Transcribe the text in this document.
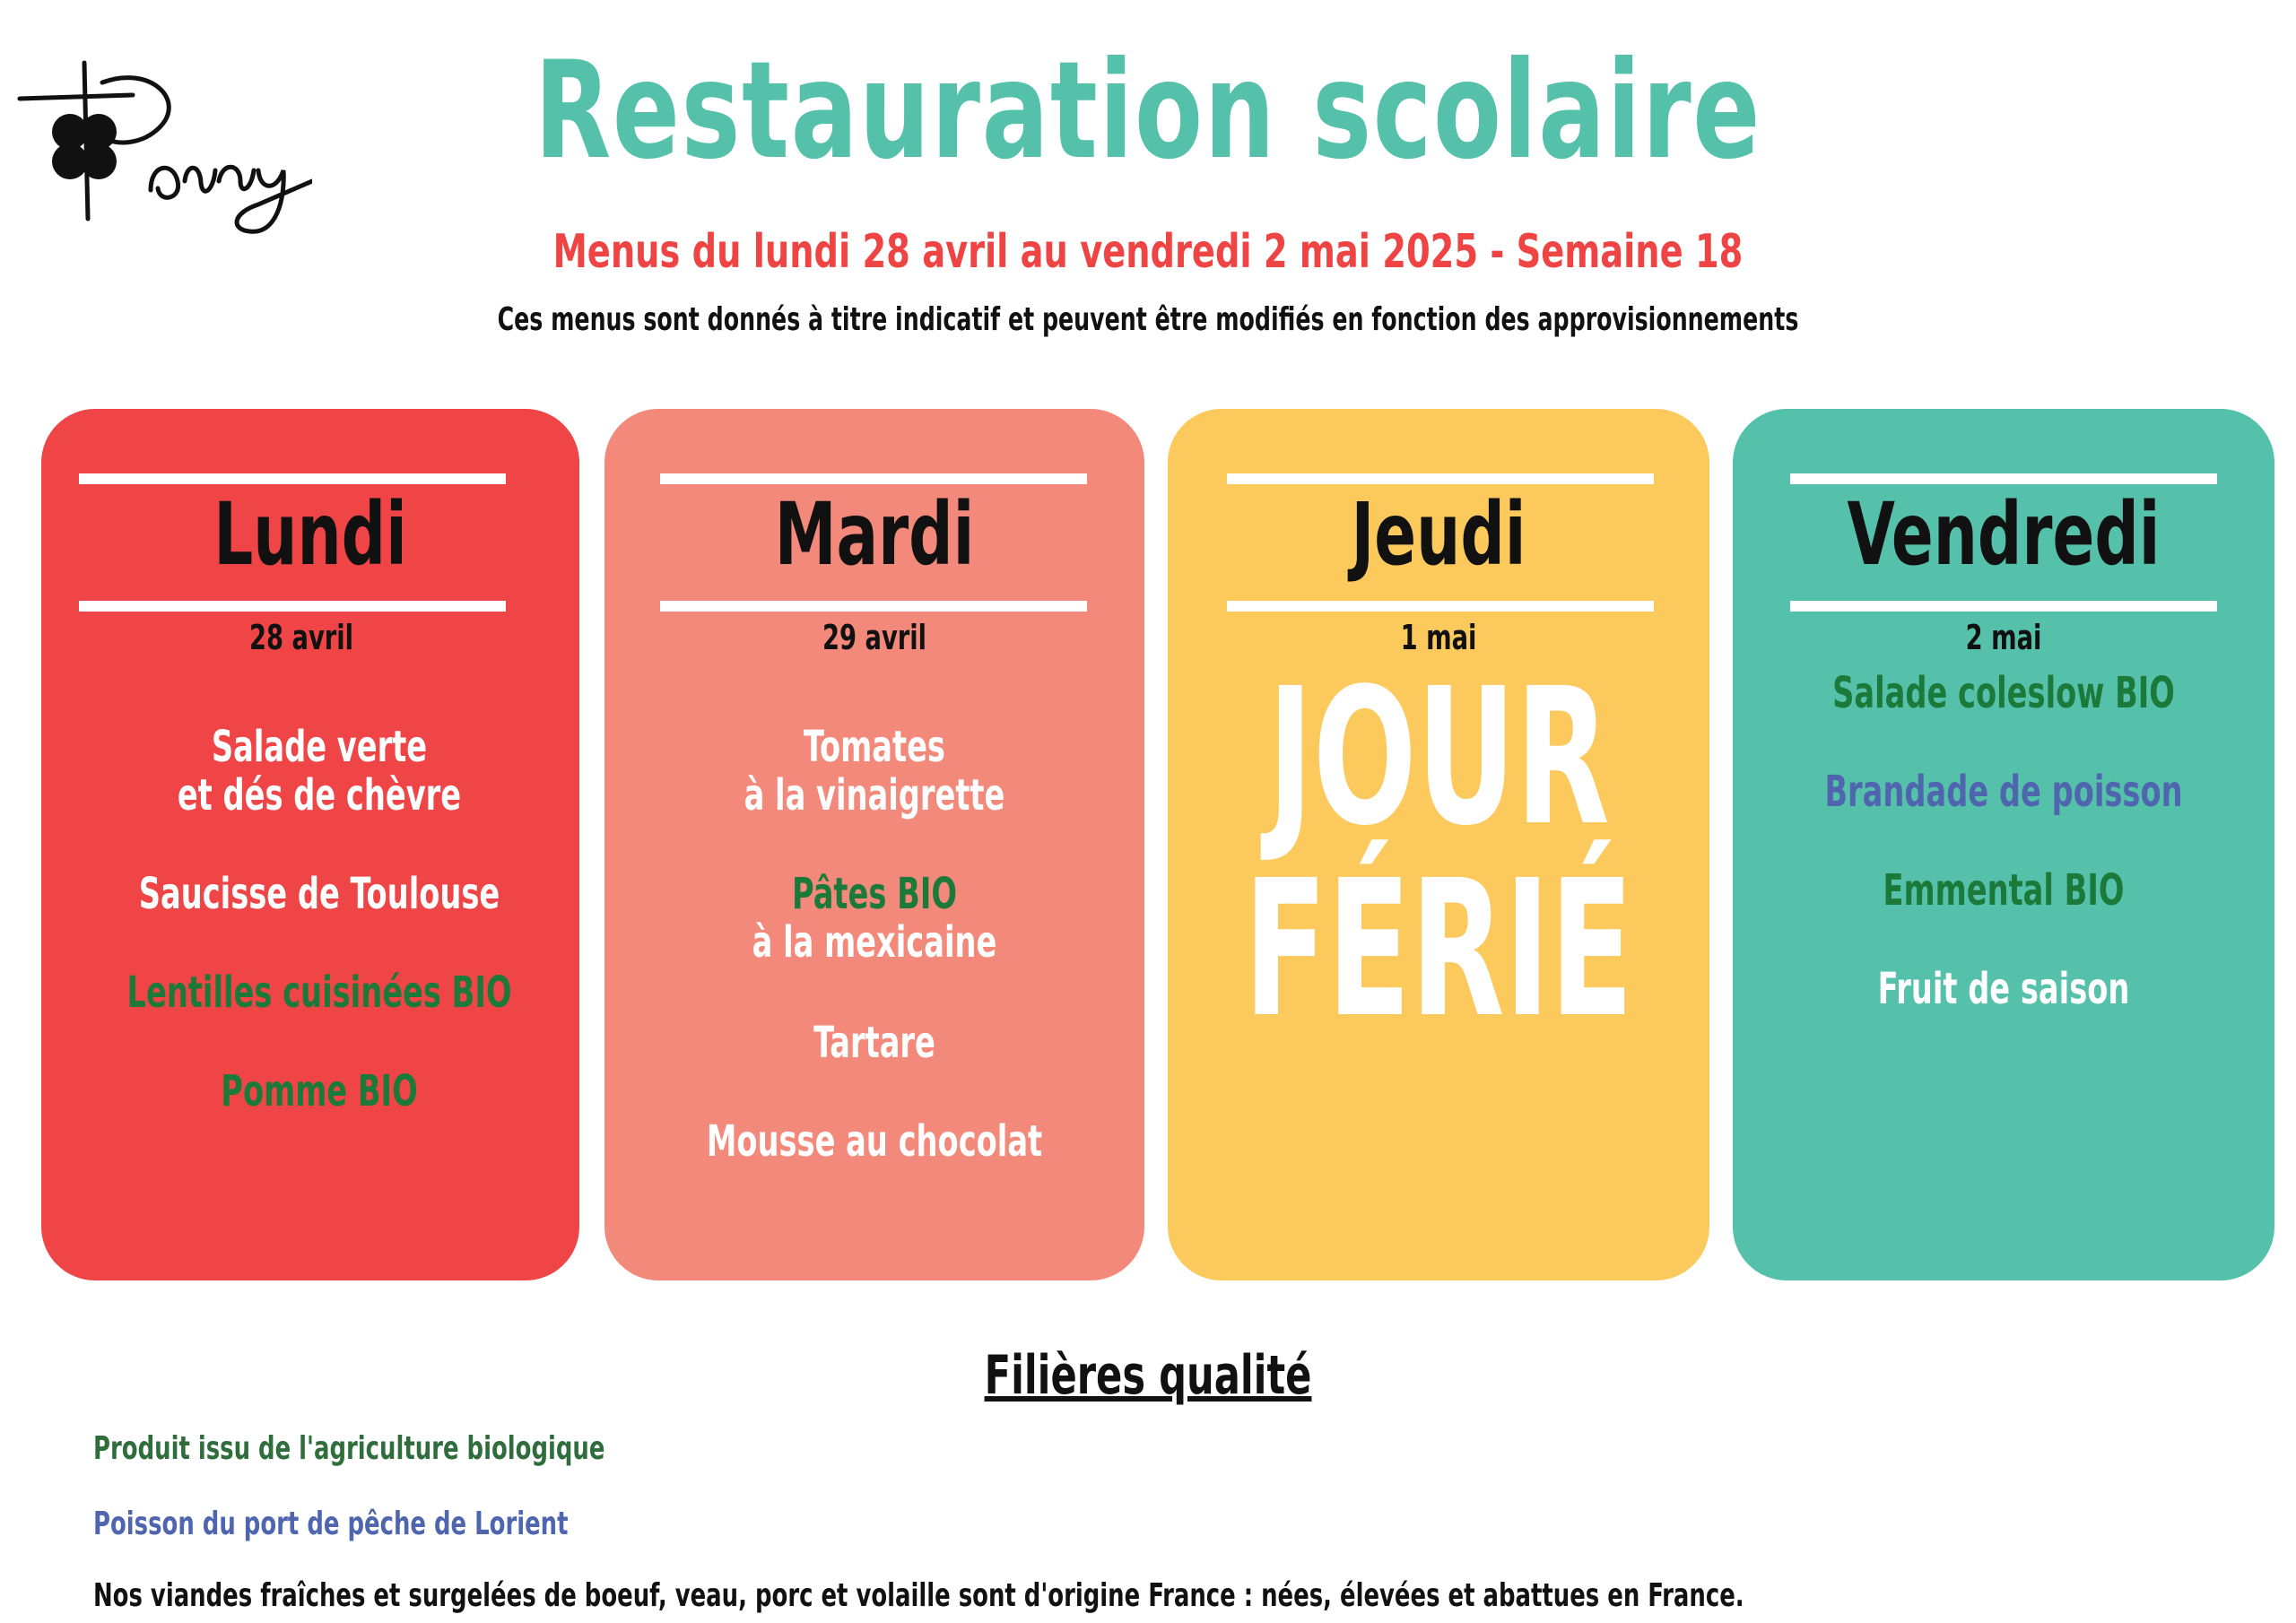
Restauration scolaire
Menus du lundi 28 avril au vendredi 2 mai 2025 - Semaine 18
Ces menus sont donnés à titre indicatif et peuvent être modifiés en fonction des approvisionnements
Lundi
28 avril
Salade verte
et dés de chèvre
Saucisse de Toulouse
Lentilles cuisinées BIO
Pomme BIO
Mardi
29 avril
Tomates
à la vinaigrette
Pâtes BIO
à la mexicaine
Tartare
Mousse au chocolat
Jeudi
1 mai
JOUR
FÉRIÉ
Vendredi
2 mai
Salade coleslow BIO
Brandade de poisson
Emmental BIO
Fruit de saison
Filières qualité
Produit issu de l'agriculture biologique
Poisson du port de pêche de Lorient
Nos viandes fraîches et surgelées de boeuf, veau, porc et volaille sont d'origine France : nées, élevées et abattues en France.
